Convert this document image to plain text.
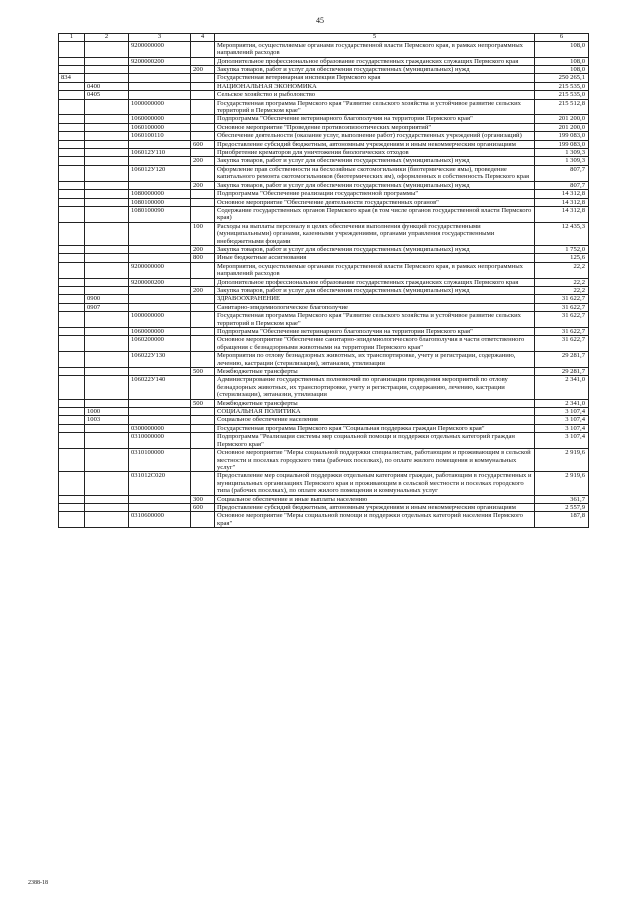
45
1	2	3	4	5	6
		9200000000		Мероприятия, осуществляемые органами государственной власти Пермского края, в рамках непрограммных направлений расходов	108,0
		9200000200		Дополнительное профессиональное образование государственных гражданских служащих Пермского края	108,0
			200	Закупка товаров, работ и услуг для обеспечения государственных (муниципальных) нужд	108,0
834				Государственная ветеринарная инспекция Пермского края	250 265,1
	0400			НАЦИОНАЛЬНАЯ ЭКОНОМИКА	215 535,0
	0405			Сельское хозяйство и рыболовство	215 535,0
		1000000000		Государственная программа Пермского края "Развитие сельского хозяйства и устойчивое развитие сельских территорий в Пермском крае"	215 512,8
		1060000000		Подпрограмма "Обеспечение ветеринарного благополучия на территории Пермского края"	201 200,0
		1060100000		Основное мероприятие "Проведение противоэпизоотических мероприятий"	201 200,0
		1060100110		Обеспечение деятельности (оказание услуг, выполнение работ) государственных учреждений (организаций)	199 083,0
			600	Предоставление субсидий бюджетным, автономным учреждениям и иным некоммерческим организациям	199 083,0
		106012У110		Приобретение крематоров для уничтожения биологических отходов	1 309,3
			200	Закупка товаров, работ и услуг для обеспечения государственных (муниципальных) нужд	1 309,3
		106012У120		Оформление прав собственности на бесхозяйные скотомогильники (биотермические ямы), проведение капитального ремонта скотомогильников (биотермических ям), оформленных в собственность Пермского края	807,7
			200	Закупка товаров, работ и услуг для обеспечения государственных (муниципальных) нужд	807,7
		1080000000		Подпрограмма "Обеспечение реализации государственной программы"	14 312,8
		1080100000		Основное мероприятие "Обеспечение деятельности государственных органов"	14 312,8
		1080100090		Содержание государственных органов Пермского края (в том числе органов государственной власти Пермского края)	14 312,8
			100	Расходы на выплаты персоналу в целях обеспечения выполнения функций государственными (муниципальными) органами, казенными учреждениями, органами управления государственными внебюджетными фондами	12 435,3
			200	Закупка товаров, работ и услуг для обеспечения государственных (муниципальных) нужд	1 752,0
			800	Иные бюджетные ассигнования	125,6
		9200000000		Мероприятия, осуществляемые органами государственной власти Пермского края, в рамках непрограммных направлений расходов	22,2
		9200000200		Дополнительное профессиональное образование государственных гражданских служащих Пермского края	22,2
			200	Закупка товаров, работ и услуг для обеспечения государственных (муниципальных) нужд	22,2
	0900			ЗДРАВООХРАНЕНИЕ	31 622,7
	0907			Санитарно-эпидемиологическое благополучие	31 622,7
		1000000000		Государственная программа Пермского края "Развитие сельского хозяйства и устойчивое развитие сельских территорий в Пермском крае"	31 622,7
		1060000000		Подпрограмма "Обеспечение ветеринарного благополучия на территории Пермского края"	31 622,7
		1060200000		Основное мероприятие "Обеспечение санитарно-эпидемиологического благополучия в части ответственного обращения с безнадзорными животными на территории Пермского края"	31 622,7
		106022У130		Мероприятия по отлову безнадзорных животных, их транспортировке, учету и регистрации, содержанию, лечению, кастрации (стерилизации), эвтаназии, утилизации	29 281,7
			500	Межбюджетные трансферты	29 281,7
		106022У140		Администрирование государственных полномочий по организации проведения мероприятий по отлову безнадзорных животных, их транспортировке, учету и регистрации, содержанию, лечению, кастрации (стерилизации), эвтаназии, утилизации	2 341,0
			500	Межбюджетные трансферты	2 341,0
	1000			СОЦИАЛЬНАЯ ПОЛИТИКА	3 107,4
	1003			Социальное обеспечение населения	3 107,4
		0300000000		Государственная программа Пермского края "Социальная поддержка граждан Пермского края"	3 107,4
		0310000000		Подпрограмма "Реализация системы мер социальной помощи и поддержки отдельных категорий граждан Пермского края"	3 107,4
		0310100000		Основное мероприятие "Меры социальной поддержки специалистам, работающим и проживающим в сельской местности и поселках городского типа (рабочих поселках), по оплате жилого помещения и коммунальных услуг"	2 919,6
		031012С020		Предоставление мер социальной поддержки отдельным категориям граждан, работающим в государственных и муниципальных организациях Пермского края и проживающим в сельской местности и поселках городского типа (рабочих поселках), по оплате жилого помещения и коммунальных услуг	2 919,6
			300	Социальное обеспечение и иные выплаты населению	361,7
			600	Предоставление субсидий бюджетным, автономным учреждениям и иным некоммерческим организациям	2 557,9
		0310600000		Основное мероприятие "Меры социальной помощи и поддержки отдельных категорий населения Пермского края"	187,8
2388-18
